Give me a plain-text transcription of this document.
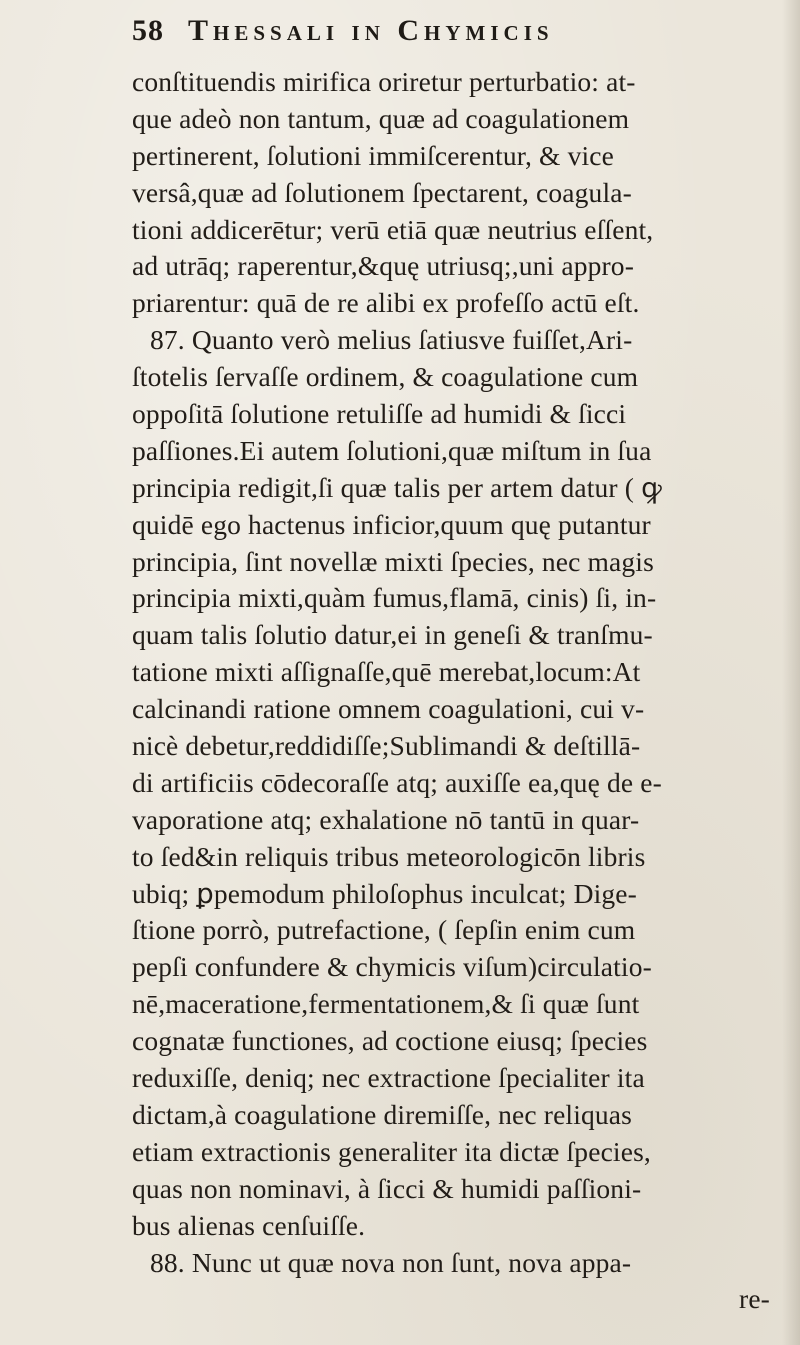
58 Thessali in Chymicis
conſtituendis mirifica oriretur perturbatio: at-
que adeò non tantum, quæ ad coagulationem
pertinerent, ſolutioni immiſcerentur, & vice
versâ,quæ ad ſolutionem ſpectarent, coagula-
tioni addicerētur; verū etiā quæ neutrius eſſent,
ad utrāq; raperentur,&quę utriusq;,uni appro-
priarentur: quā de re alibi ex profeſſo actū eſt.
87. Quanto verò melius ſatiusve fuiſſet,Ari-
ſtotelis ſervaſſe ordinem, & coagulatione cum
oppoſitā ſolutione retuliſſe ad humidi & ſicci
paſſiones.Ei autem ſolutioni,quæ miſtum in ſua
principia redigit,ſi quæ talis per artem datur ( ꝙ
quidē ego hactenus inficior,quum quę putantur
principia, ſint novellæ mixti ſpecies, nec magis
principia mixti,quàm fumus,flamā, cinis) ſi, in-
quam talis ſolutio datur,ei in geneſi & tranſmu-
tatione mixti aſſignaſſe,quē merebat,locum:At
calcinandi ratione omnem coagulationi, cui v-
nicè debetur,reddidiſſe;Sublimandi & deſtillā-
di artificiis cōdecoraſſe atq; auxiſſe ea,quę de e-
vaporatione atq; exhalatione nō tantū in quar-
to ſed&in reliquis tribus meteorologicōn libris
ubiq; ꝑpemodum philoſophus inculcat; Dige-
ſtione porrò, putrefactione, ( ſepſin enim cum
pepſi confundere & chymicis viſum)circulatio-
nē,maceratione,fermentationem,& ſi quæ ſunt
cognatæ functiones, ad coctione eiusq; ſpecies
reduxiſſe, deniq; nec extractione ſpecialiter ita
dictam,à coagulatione diremiſſe, nec reliquas
etiam extractionis generaliter ita dictæ ſpecies,
quas non nominavi, à ſicci & humidi paſſioni-
bus alienas cenſuiſſe.
88. Nunc ut quæ nova non ſunt, nova appa-
re-
